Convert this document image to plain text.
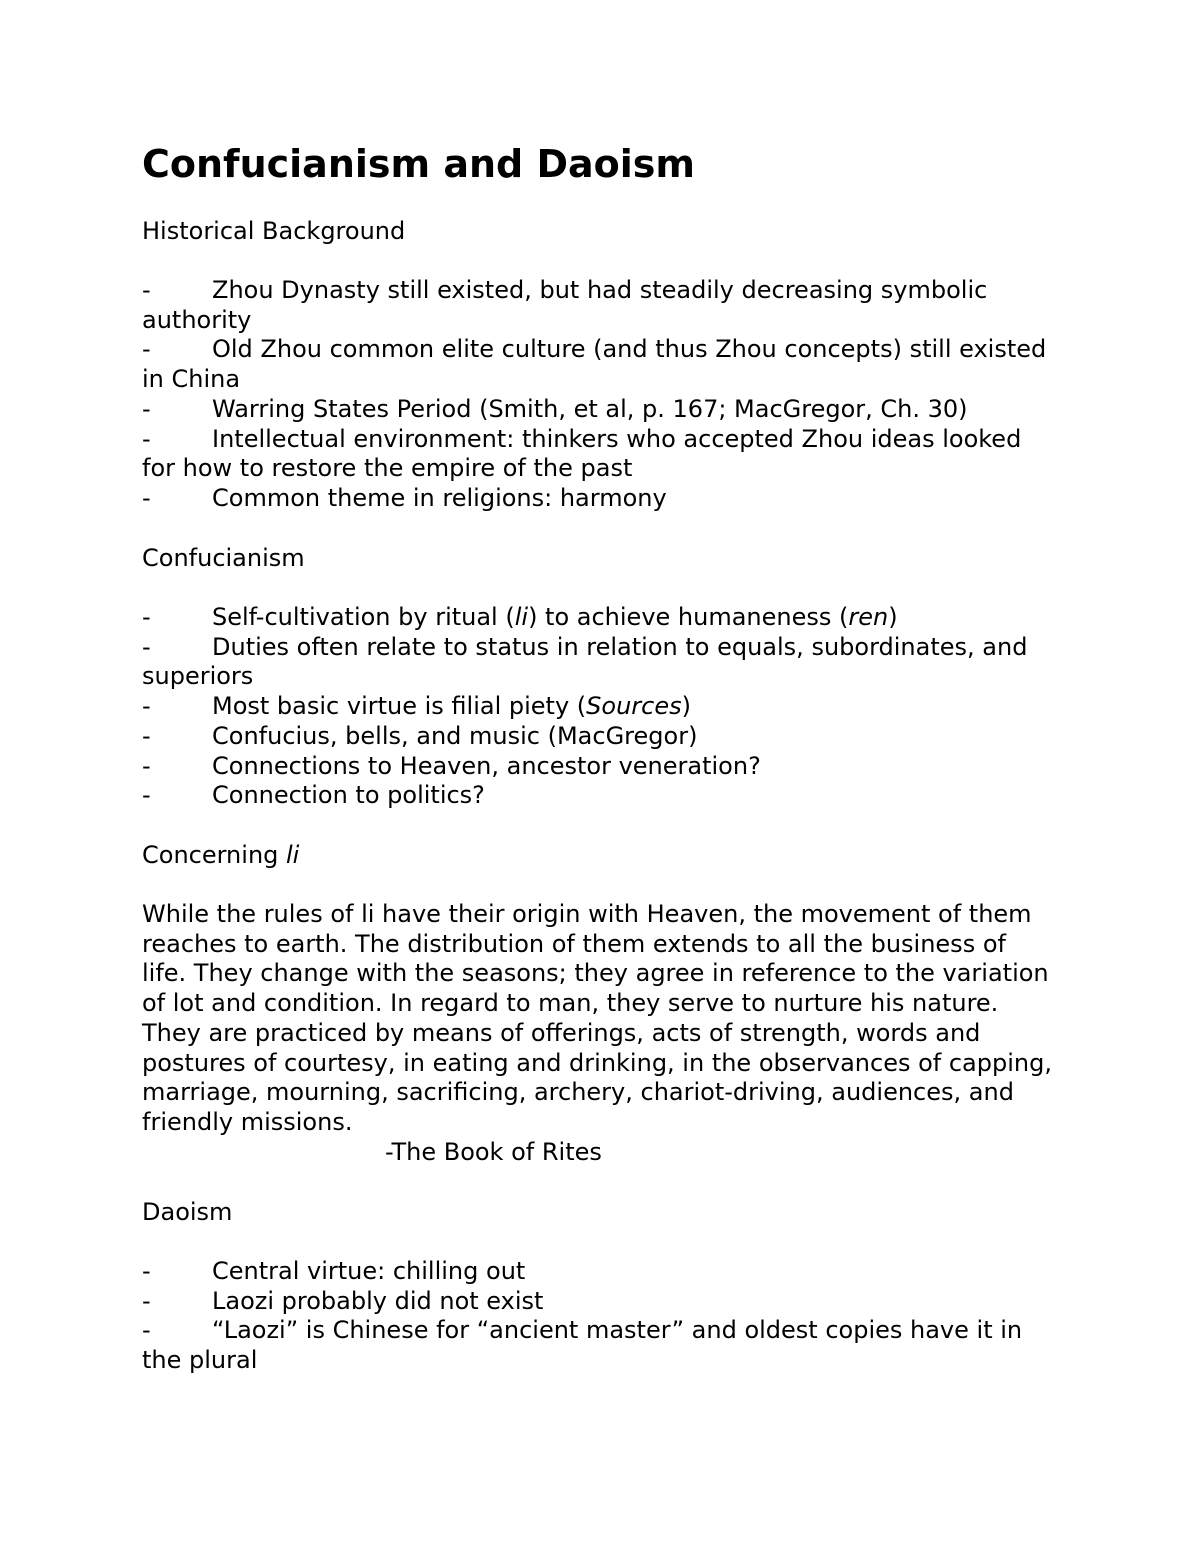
Confucianism and Daoism

Historical Background

-	Zhou Dynasty still existed, but had steadily decreasing symbolic authority

-	Old Zhou common elite culture (and thus Zhou concepts) still existed in China

-	Warring States Period (Smith, et al, p. 167; MacGregor, Ch. 30)

-	Intellectual environment: thinkers who accepted Zhou ideas looked for how to restore the empire of the past

-	Common theme in religions: harmony

Confucianism

-	Self-cultivation by ritual (li) to achieve humaneness (ren)

-	Duties often relate to status in relation to equals, subordinates, and superiors

-	Most basic virtue is filial piety (Sources)

-	Confucius, bells, and music (MacGregor)

-	Connections to Heaven, ancestor veneration?

-	Connection to politics?

Concerning li

While the rules of li have their origin with Heaven, the movement of them reaches to earth. The distribution of them extends to all the business of life. They change with the seasons; they agree in reference to the variation of lot and condition. In regard to man, they serve to nurture his nature. They are practiced by means of offerings, acts of strength, words and postures of courtesy, in eating and drinking, in the observances of capping, marriage, mourning, sacrificing, archery, chariot-driving, audiences, and friendly missions.

-The Book of Rites

Daoism

-	Central virtue: chilling out

-	Laozi probably did not exist

-	“Laozi” is Chinese for “ancient master” and oldest copies have it in the plural
